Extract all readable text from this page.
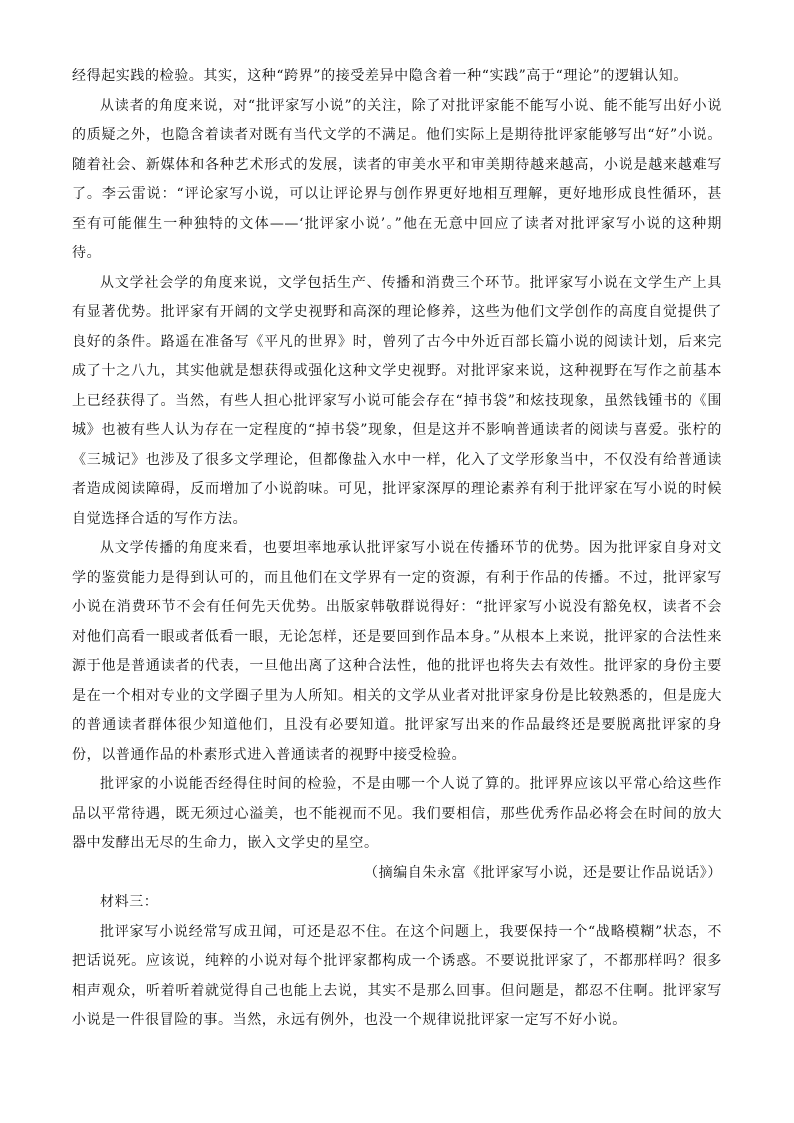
经得起实践的检验。其实，这种“跨界”的接受差异中隐含着一种“实践”高于“理论”的逻辑认知。

从读者的角度来说，对“批评家写小说”的关注，除了对批评家能不能写小说、能不能写出好小说的质疑之外，也隐含着读者对既有当代文学的不满足。他们实际上是期待批评家能够写出“好”小说。随着社会、新媒体和各种艺术形式的发展，读者的审美水平和审美期待越来越高，小说是越来越难写了。李云雷说：“评论家写小说，可以让评论界与创作界更好地相互理解，更好地形成良性循环，甚至有可能催生一种独特的文体——‘批评家小说’。”他在无意中回应了读者对批评家写小说的这种期待。

从文学社会学的角度来说，文学包括生产、传播和消费三个环节。批评家写小说在文学生产上具有显著优势。批评家有开阔的文学史视野和高深的理论修养，这些为他们文学创作的高度自觉提供了良好的条件。路遥在准备写《平凡的世界》时，曾列了古今中外近百部长篇小说的阅读计划，后来完成了十之八九，其实他就是想获得或强化这种文学史视野。对批评家来说，这种视野在写作之前基本上已经获得了。当然，有些人担心批评家写小说可能会存在“掉书袋”和炫技现象，虽然钱锺书的《围城》也被有些人认为存在一定程度的“掉书袋”现象，但是这并不影响普通读者的阅读与喜爱。张柠的《三城记》也涉及了很多文学理论，但都像盐入水中一样，化入了文学形象当中，不仅没有给普通读者造成阅读障碍，反而增加了小说韵味。可见，批评家深厚的理论素养有利于批评家在写小说的时候自觉选择合适的写作方法。

从文学传播的角度来看，也要坦率地承认批评家写小说在传播环节的优势。因为批评家自身对文学的鉴赏能力是得到认可的，而且他们在文学界有一定的资源，有利于作品的传播。不过，批评家写小说在消费环节不会有任何先天优势。出版家韩敬群说得好：“批评家写小说没有豁免权，读者不会对他们高看一眼或者低看一眼，无论怎样，还是要回到作品本身。”从根本上来说，批评家的合法性来源于他是普通读者的代表，一旦他出离了这种合法性，他的批评也将失去有效性。批评家的身份主要是在一个相对专业的文学圈子里为人所知。相关的文学从业者对批评家身份是比较熟悉的，但是庞大的普通读者群体很少知道他们，且没有必要知道。批评家写出来的作品最终还是要脱离批评家的身份，以普通作品的朴素形式进入普通读者的视野中接受检验。

批评家的小说能否经得住时间的检验，不是由哪一个人说了算的。批评界应该以平常心给这些作品以平常待遇，既无须过心溢美，也不能视而不见。我们要相信，那些优秀作品必将会在时间的放大器中发酵出无尽的生命力，嵌入文学史的星空。

（摘编自朱永富《批评家写小说，还是要让作品说话》）

材料三：

批评家写小说经常写成丑闻，可还是忍不住。在这个问题上，我要保持一个“战略模糊”状态，不把话说死。应该说，纯粹的小说对每个批评家都构成一个诱惑。不要说批评家了，不都那样吗？很多相声观众，听着听着就觉得自己也能上去说，其实不是那么回事。但问题是，都忍不住啊。批评家写小说是一件很冒险的事。当然，永远有例外，也没一个规律说批评家一定写不好小说。
